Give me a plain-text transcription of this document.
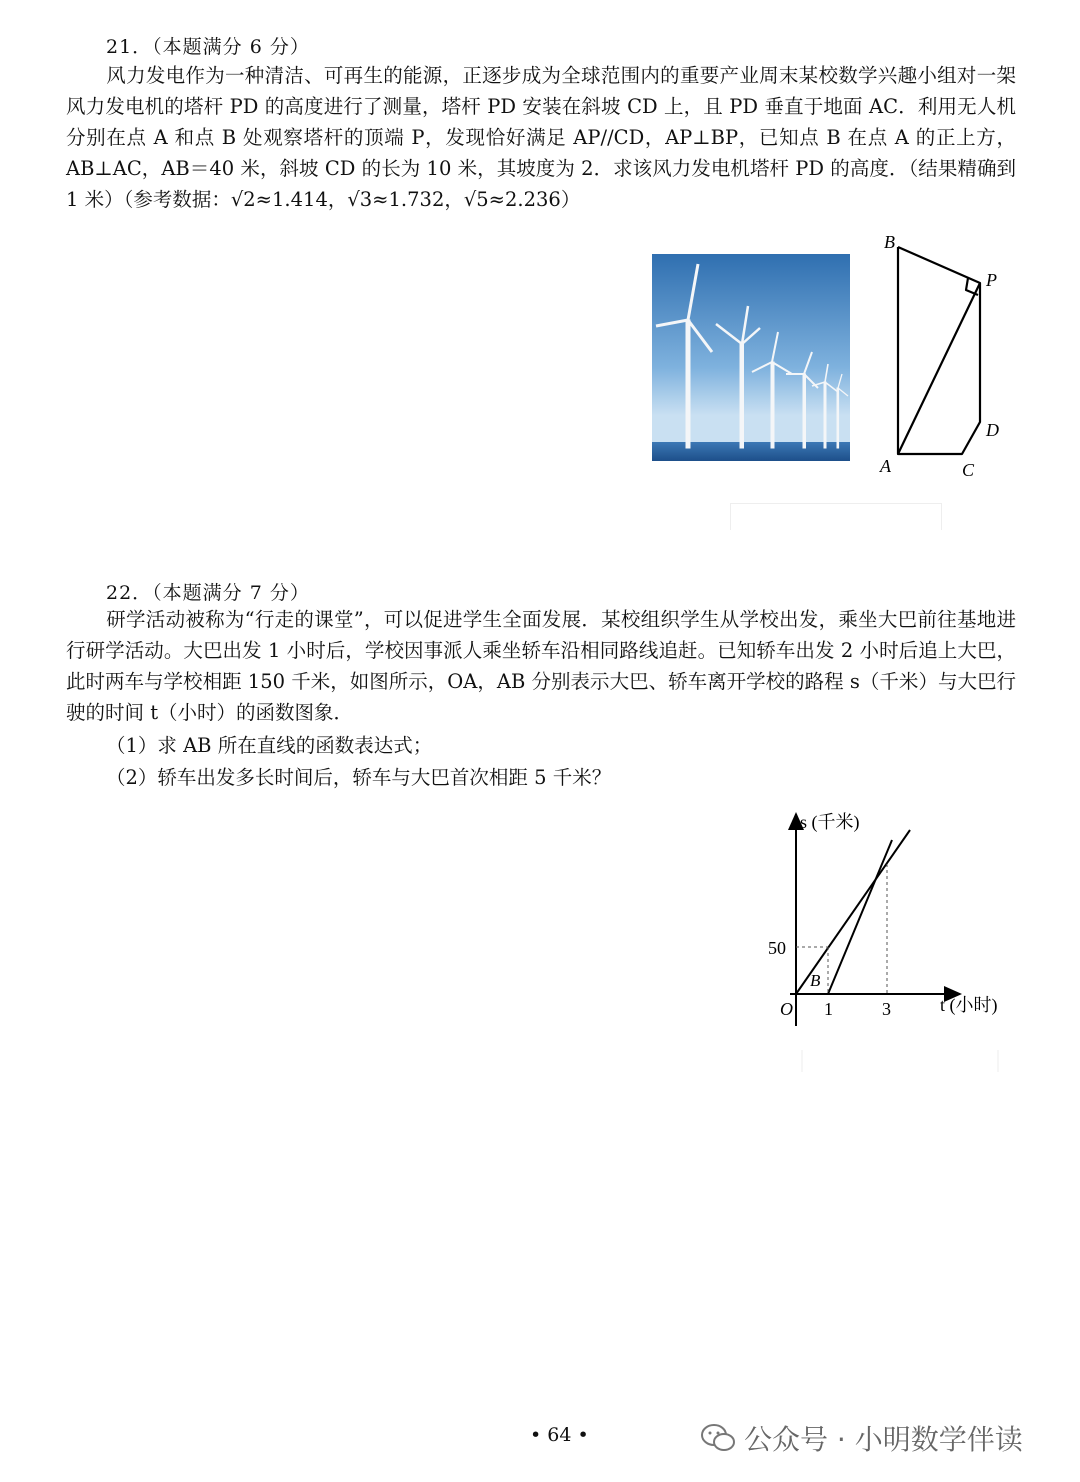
21．（本题满分 6 分）
风力发电作为一种清洁、可再生的能源，正逐步成为全球范围内的重要产业周末某校数学兴趣小组对一架风力发电机的塔杆 PD 的高度进行了测量，塔杆 PD 安装在斜坡 CD 上，且 PD 垂直于地面 AC．利用无人机分别在点 A 和点 B 处观察塔杆的顶端 P，发现恰好满足 AP//CD，AP⊥BP，已知点 B 在点 A 的正上方，AB⊥AC，AB＝40 米，斜坡 CD 的长为 10 米，其坡度为 2．求该风力发电机塔杆 PD 的高度．（结果精确到 1 米）（参考数据：√2≈1.414，√3≈1.732，√5≈2.236）
B
P
D
A	C
22．（本题满分 7 分）
研学活动被称为“行走的课堂”，可以促进学生全面发展．某校组织学生从学校出发，乘坐大巴前往基地进行研学活动。大巴出发 1 小时后，学校因事派人乘坐轿车沿相同路线追赶。已知轿车出发 2 小时后追上大巴，此时两车与学校相距 150 千米，如图所示，OA，AB 分别表示大巴、轿车离开学校的路程 s（千米）与大巴行驶的时间 t（小时）的函数图象．
（1）求 AB 所在直线的函数表达式；
（2）轿车出发多长时间后，轿车与大巴首次相距 5 千米？
s (千米)
50
B
O 1	3	t (小时)
• 64 •	公众号 · 小明数学伴读
